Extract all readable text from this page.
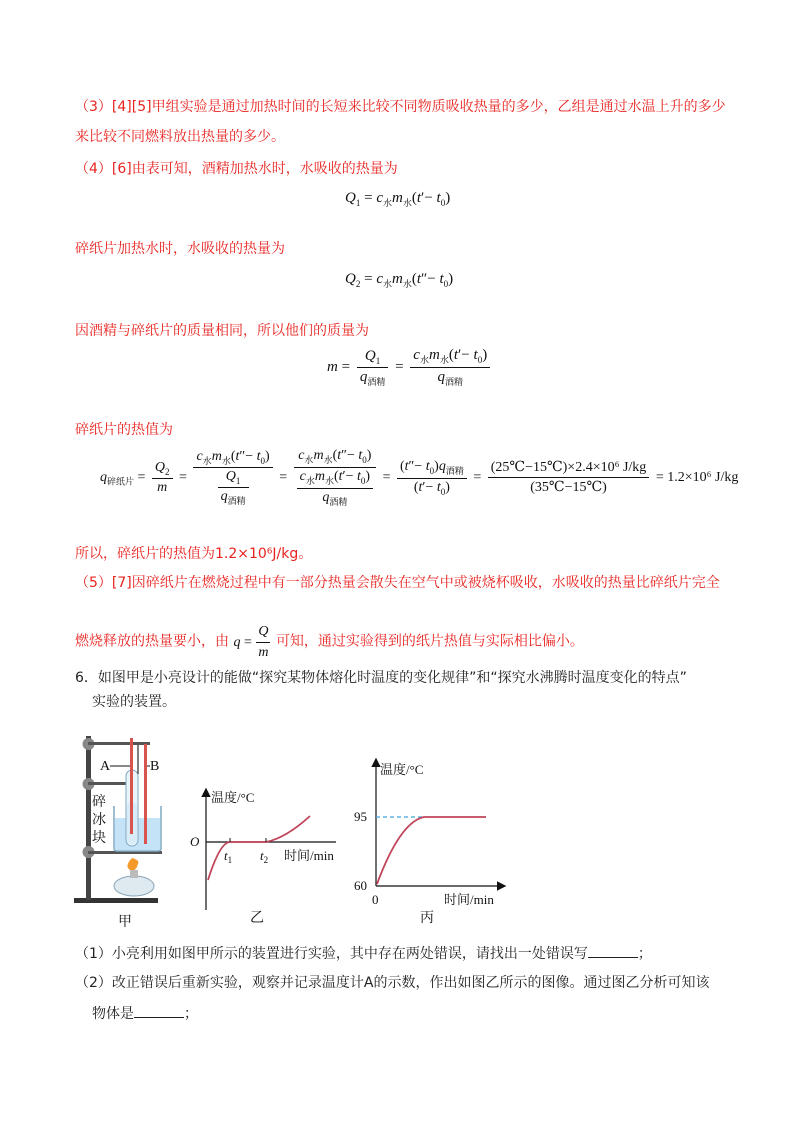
（3）[4][5]甲组实验是通过加热时间的长短来比较不同物质吸收热量的多少，乙组是通过水温上升的多少
来比较不同燃料放出热量的多少。
（4）[6]由表可知，酒精加热水时，水吸收的热量为
$Q_1 = c_水m_水(t'- t_0)$
碎纸片加热水时，水吸收的热量为
$Q_2 = c_水m_水(t''- t_0)$
因酒精与碎纸片的质量相同，所以他们的质量为
$m = \frac{Q_1}{q_{酒精}} = \frac{c_水m_水(t'- t_0)}{q_{酒精}}$
碎纸片的热值为
$q_{碎纸片} = \frac{Q_2}{m} = \frac{c_水m_水(t''- t_0)}{\frac{Q_1}{q_{酒精}}} = \frac{c_水m_水(t''- t_0)}{\frac{c_水m_水(t'- t_0)}{q_{酒精}}} = \frac{(t''- t_0)q_{酒精}}{(t'- t_0)} = \frac{\text{(25℃−15℃)×2.4×10⁶ J/kg}}{(35℃-15℃)} = 1.2\times 10^6$ J/kg
所以，碎纸片的热值为1.2×10⁶J/kg。
（5）[7]因碎纸片在燃烧过程中有一部分热量会散失在空气中或被烧杯吸收，水吸收的热量比碎纸片完全
燃烧释放的热量要小，由 $q = \frac{Q}{m}$ 可知，通过实验得到的纸片热值与实际相比偏小。
6．如图甲是小亮设计的能做“探究某物体熔化时温度的变化规律”和“探究水沸腾时温度变化的特点”
实验的装置。
A	B
碎
冰
块
甲
温度/°C
时间/min
O
$t_1$ $t_2$
乙
温度/°C
时间/min
95
60
0
丙
（1）小亮利用如图甲所示的装置进行实验，其中存在两处错误，请找出一处错误写	；
（2）改正错误后重新实验，观察并记录温度计A的示数，作出如图乙所示的图像。通过图乙分析可知该
物体是	；
